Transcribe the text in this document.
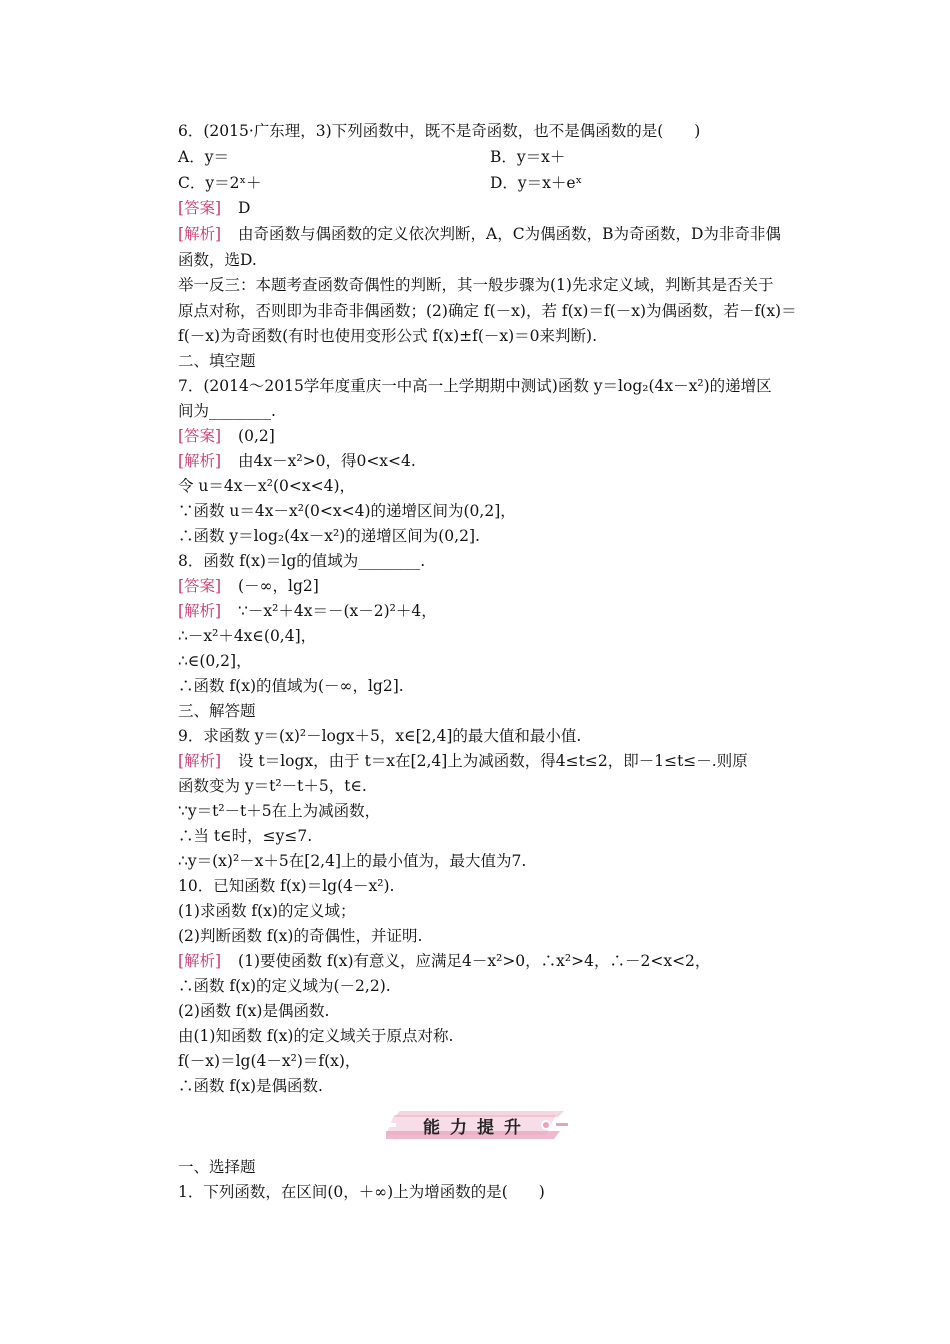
6．(2015·广东理，3)下列函数中，既不是奇函数，也不是偶函数的是(　　)
A．y＝	B．y＝x＋
C．y＝2ˣ＋	D．y＝x＋eˣ
[答案] D
[解析] 由奇函数与偶函数的定义依次判断，A，C为偶函数，B为奇函数，D为非奇非偶
函数，选D.
举一反三：本题考查函数奇偶性的判断，其一般步骤为(1)先求定义域，判断其是否关于
原点对称，否则即为非奇非偶函数；(2)确定 f(－x)，若 f(x)＝f(－x)为偶函数，若－f(x)＝
f(－x)为奇函数(有时也使用变形公式 f(x)±f(－x)＝0来判断).
二、填空题
7．(2014～2015学年度重庆一中高一上学期期中测试)函数 y＝log₂(4x－x²)的递增区
间为________.
[答案] (0,2]
[解析] 由4x－x²>0，得0<x<4.
令 u＝4x－x²(0<x<4)，
∵函数 u＝4x－x²(0<x<4)的递增区间为(0,2]，
∴函数 y＝log₂(4x－x²)的递增区间为(0,2].
8．函数 f(x)＝lg的值域为________.
[答案] (－∞，lg2]
[解析] ∵－x²＋4x＝－(x－2)²＋4，
∴－x²＋4x∈(0,4]，
∴∈(0,2]，
∴函数 f(x)的值域为(－∞，lg2].
三、解答题
9．求函数 y＝(x)²－logx＋5，x∈[2,4]的最大值和最小值.
[解析] 设 t＝logx，由于 t＝x在[2,4]上为减函数，得4≤t≤2，即－1≤t≤－.则原
函数变为 y＝t²－t＋5，t∈.
∵y＝t²－t＋5在上为减函数，
∴当 t∈时，≤y≤7.
∴y＝(x)²－x＋5在[2,4]上的最小值为，最大值为7.
10．已知函数 f(x)＝lg(4－x²).
(1)求函数 f(x)的定义域；
(2)判断函数 f(x)的奇偶性，并证明.
[解析] (1)要使函数 f(x)有意义，应满足4－x²>0，∴x²>4，∴－2<x<2，
∴函数 f(x)的定义域为(－2,2).
(2)函数 f(x)是偶函数.
由(1)知函数 f(x)的定义域关于原点对称.
f(－x)＝lg(4－x²)＝f(x)，
∴函数 f(x)是偶函数.
能力提升
一、选择题
1．下列函数，在区间(0，＋∞)上为增函数的是(　　)
